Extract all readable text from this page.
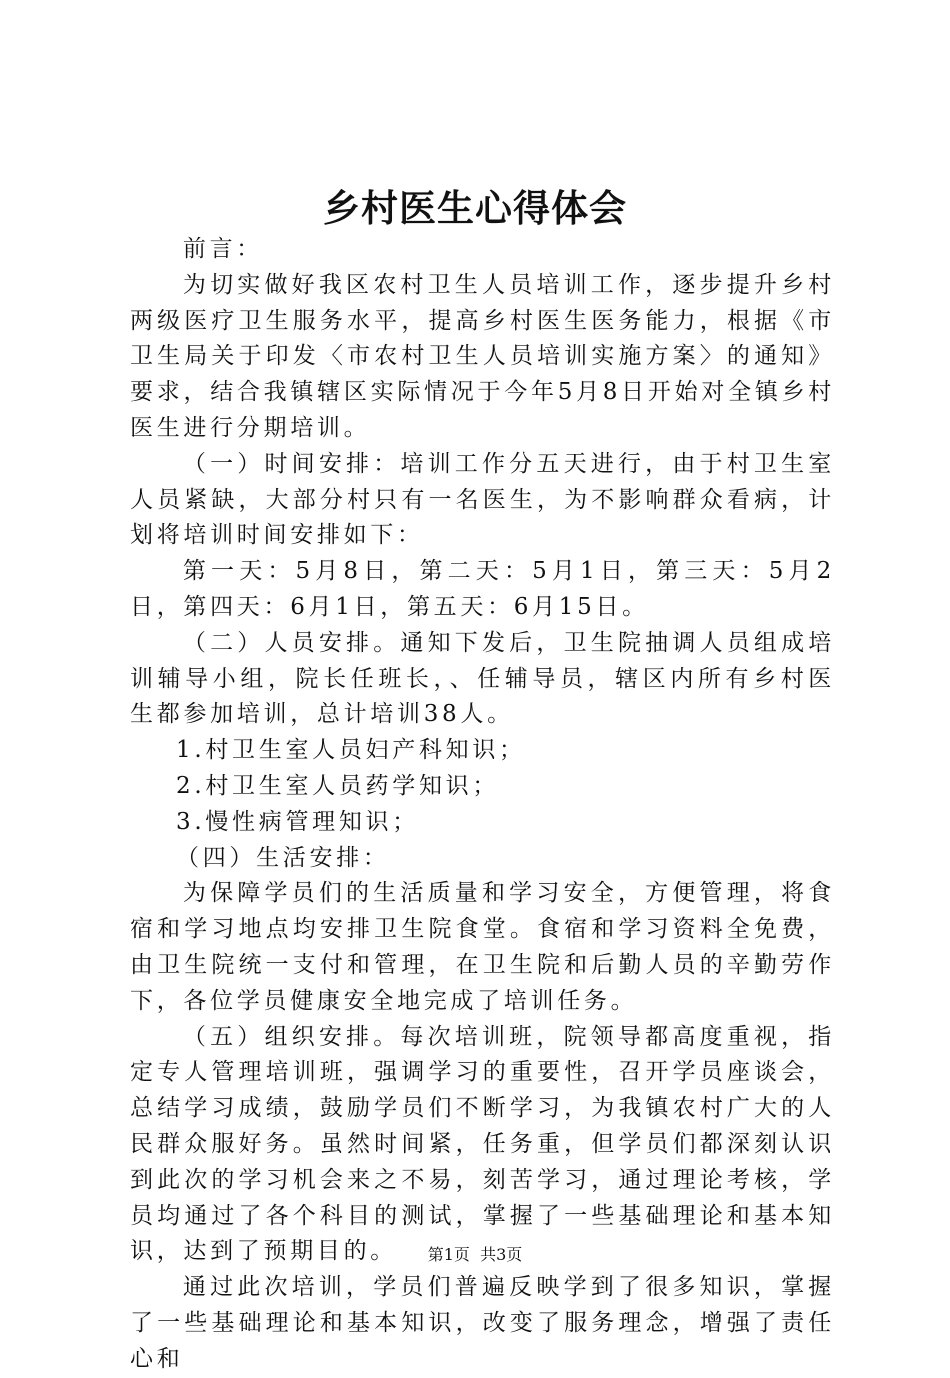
乡村医生心得体会

前言：

为切实做好我区农村卫生人员培训工作，逐步提升乡村两级医疗卫生服务水平，提高乡村医生医务能力，根据《市卫生局关于印发〈市农村卫生人员培训实施方案〉的通知》要求，结合我镇辖区实际情况于今年5月8日开始对全镇乡村医生进行分期培训。

（一）时间安排：培训工作分五天进行，由于村卫生室人员紧缺，大部分村只有一名医生，为不影响群众看病，计划将培训时间安排如下：

第一天：5月8日，第二天：5月1日，第三天：5月2日，第四天：6月1日，第五天：6月15日。

（二）人员安排。通知下发后，卫生院抽调人员组成培训辅导小组，院长任班长，、任辅导员，辖区内所有乡村医生都参加培训，总计培训38人。

1.村卫生室人员妇产科知识；

2.村卫生室人员药学知识；

3.慢性病管理知识；

（四）生活安排：

为保障学员们的生活质量和学习安全，方便管理，将食宿和学习地点均安排卫生院食堂。食宿和学习资料全免费，由卫生院统一支付和管理，在卫生院和后勤人员的辛勤劳作下，各位学员健康安全地完成了培训任务。

（五）组织安排。每次培训班，院领导都高度重视，指定专人管理培训班，强调学习的重要性，召开学员座谈会，总结学习成绩，鼓励学员们不断学习，为我镇农村广大的人民群众服好务。虽然时间紧，任务重，但学员们都深刻认识到此次的学习机会来之不易，刻苦学习，通过理论考核，学员均通过了各个科目的测试，掌握了一些基础理论和基本知识，达到了预期目的。

通过此次培训，学员们普遍反映学到了很多知识，掌握了一些基础理论和基本知识，改变了服务理念，增强了责任心和

第1页  共3页
